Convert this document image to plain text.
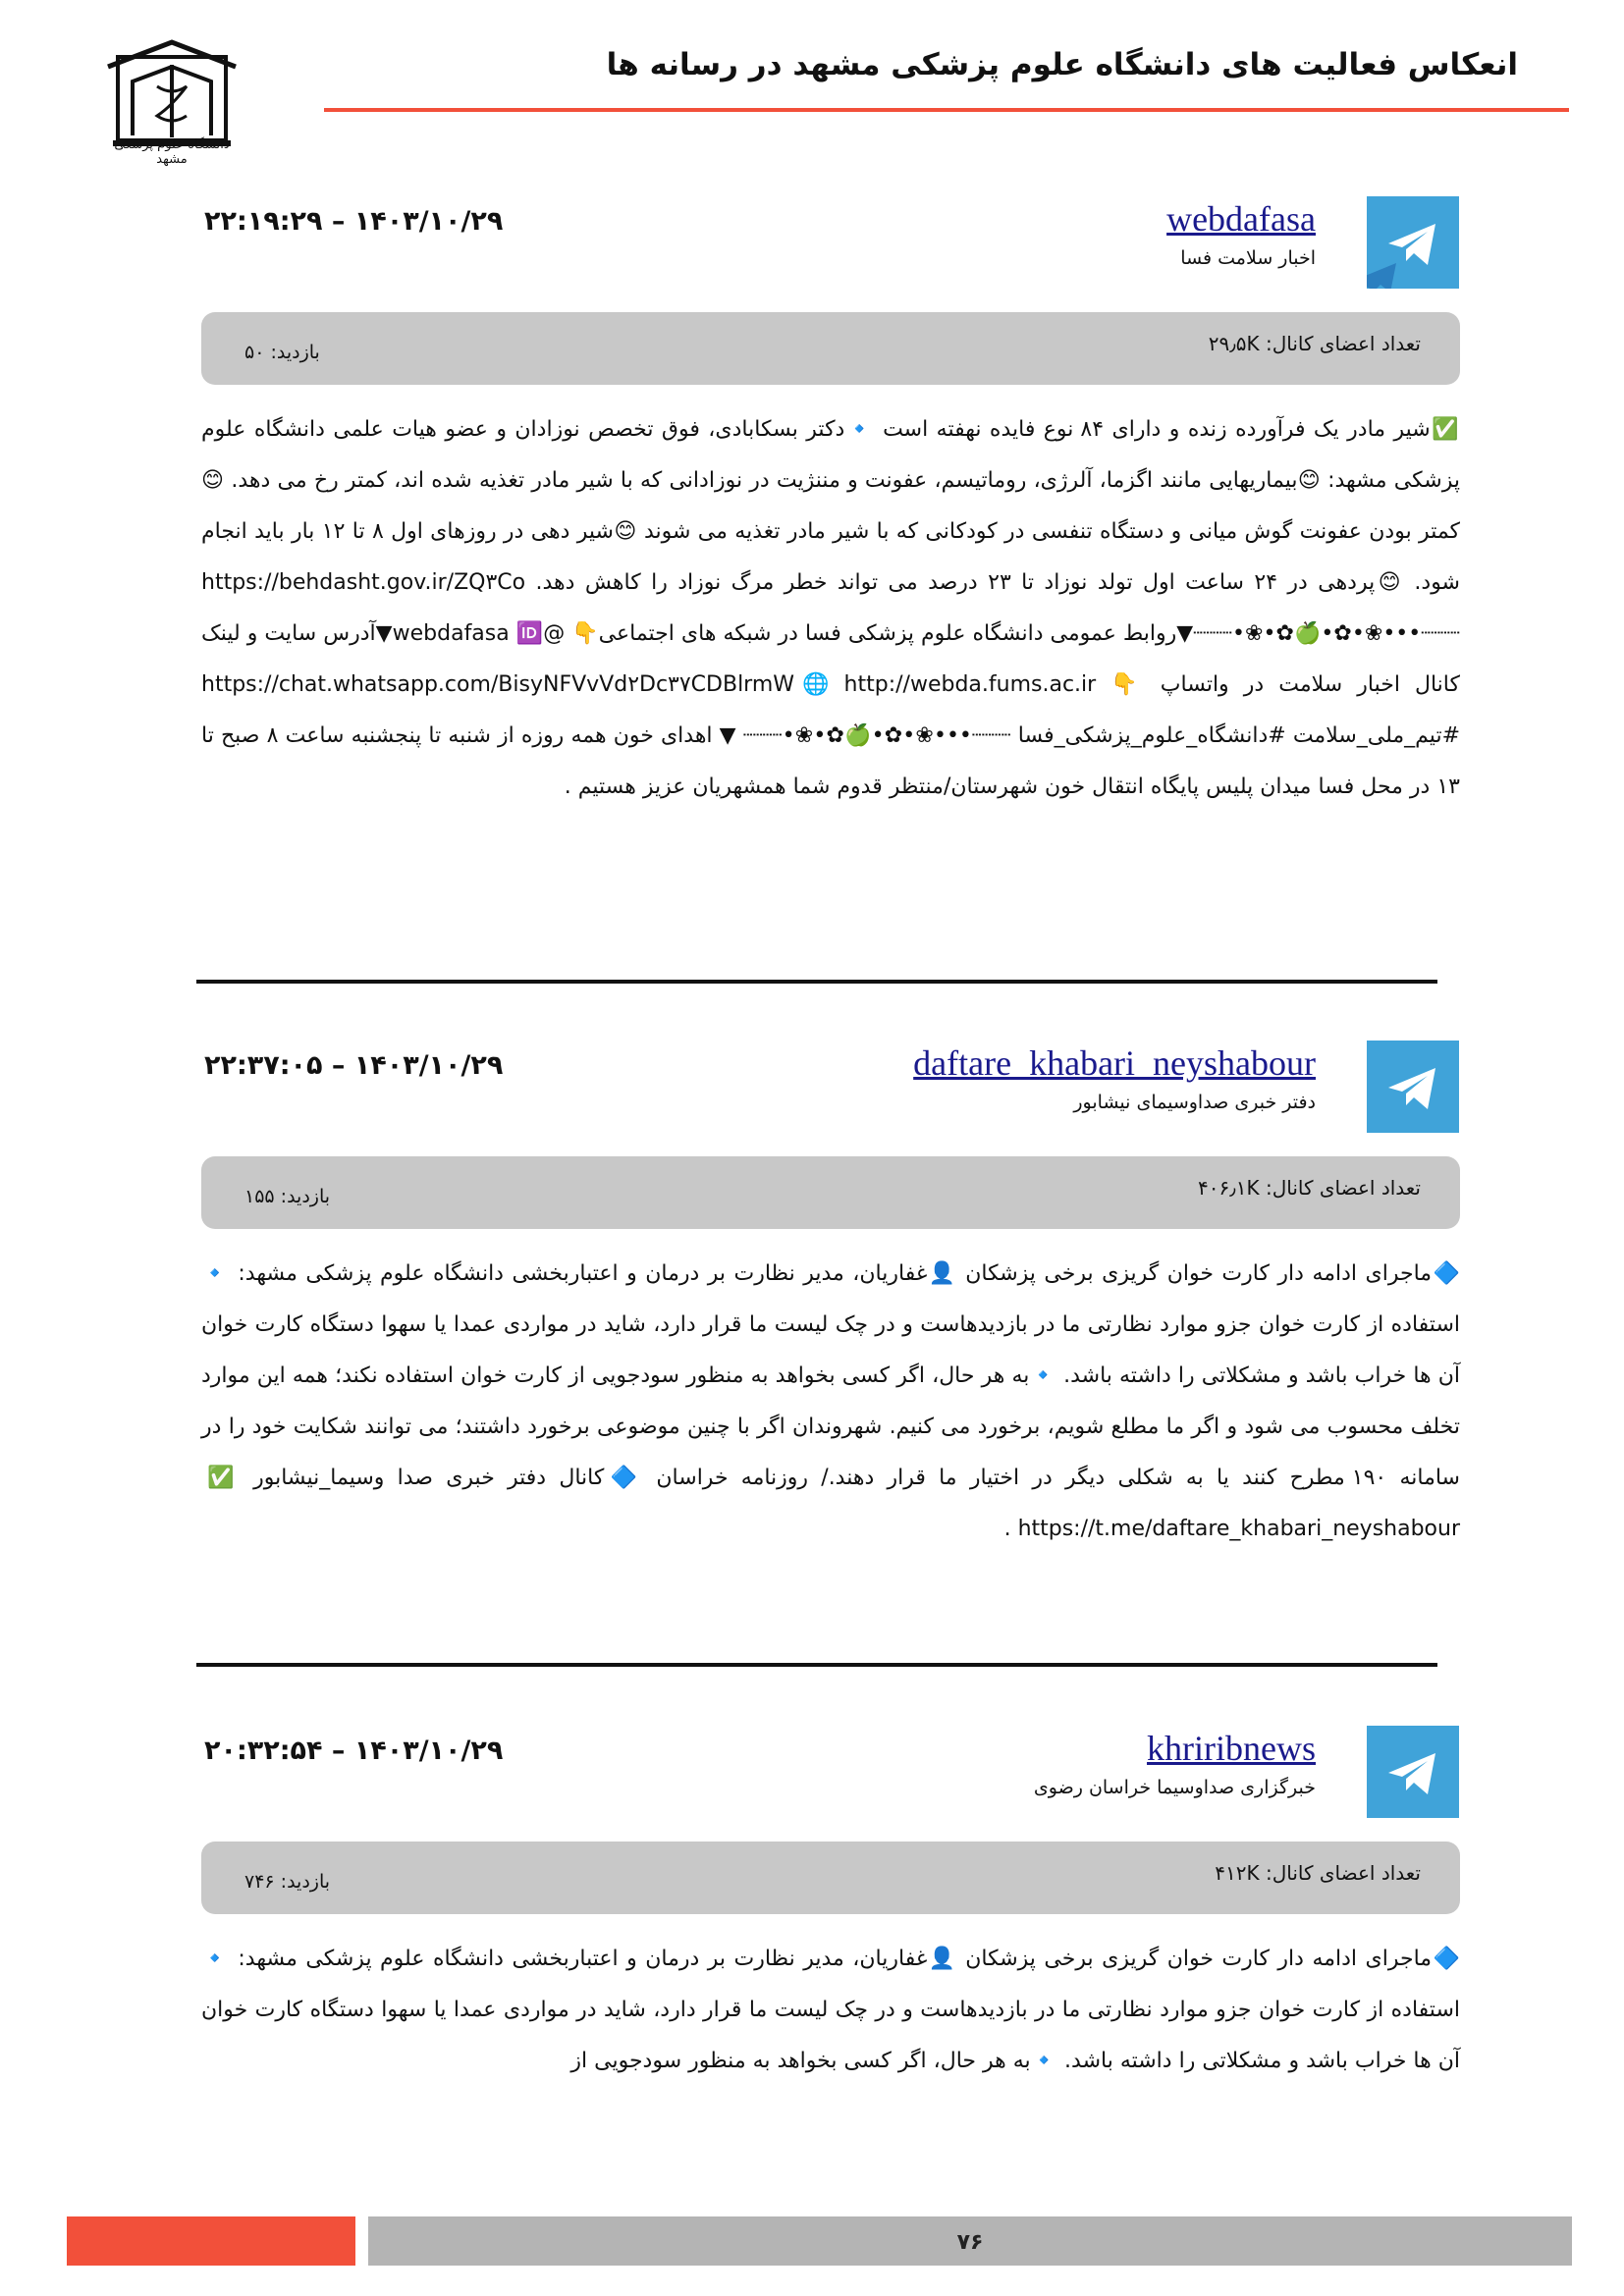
دانشگاه علوم پزشکی مشهد
انعکاس فعالیت های دانشگاه علوم پزشکی مشهد در رسانه ها
webdafasa
اخبار سلامت فسا
۲۲:۱۹:۲۹ – ۱۴۰۳/۱۰/۲۹
تعداد اعضای کانال: ۲۹٫۵K
بازدید: ۵۰
✅شیر مادر یک فرآورده زنده و دارای ۸۴ نوع فایده نهفته است 🔹دکتر بسکابادی، فوق تخصص نوزادان و عضو هیات علمی دانشگاه علوم پزشکی مشهد: 😊بیماریهایی مانند اگزما، آلرژی، روماتیسم، عفونت و مننژیت در نوزادانی که با شیر مادر تغذیه شده اند، کمتر رخ می دهد. 😊کمتر بودن عفونت گوش میانی و دستگاه تنفسی در کودکانی که با شیر مادر تغذیه می شوند 😊شیر دهی در روزهای اول ۸ تا ۱۲ بار باید انجام شود. 😊پردهی در ۲۴ ساعت اول تولد نوزاد تا ۲۳ درصد می تواند خطر مرگ نوزاد را کاهش دهد. https://behdasht.gov.ir/ZQ۳Co ┈┈┈•••❀•✿•🍏✿•❀•┈┈┈▼روابط عمومی دانشگاه علوم پزشکی فسا در شبکه های اجتماعی👇 @webdafasa 🆔▼آدرس سایت و لینک کانال اخبار سلامت در واتساپ 👇 https://chat.whatsapp.com/BisyNFVvVd۲Dc۳۷CDBlrmW🌐 http://webda.fums.ac.ir #تیم_ملی_سلامت #دانشگاه_علوم_پزشکی_فسا ┈┈┈•••❀•✿•🍏✿•❀•┈┈┈ ▼ اهدای خون همه روزه از شنبه تا پنجشنبه ساعت ۸ صبح تا ۱۳ در محل فسا میدان پلیس پایگاه انتقال خون شهرستان/منتظر قدوم شما همشهریان عزیز هستیم .
daftare_khabari_neyshabour
دفتر خبری صداوسیمای نیشابور
۲۲:۳۷:۰۵ – ۱۴۰۳/۱۰/۲۹
تعداد اعضای کانال: ۴۰۶٫۱K
بازدید: ۱۵۵
🔷ماجرای ادامه دار کارت خوان گریزی برخی پزشکان 👤غفاریان، مدیر نظارت بر درمان و اعتباربخشی دانشگاه علوم پزشکی مشهد: 🔹 استفاده از کارت خوان جزو موارد نظارتی ما در بازدیدهاست و در چک لیست ما قرار دارد، شاید در مواردی عمدا یا سهوا دستگاه کارت خوان آن ها خراب باشد و مشکلاتی را داشته باشد. 🔹به هر حال، اگر کسی بخواهد به منظور سودجویی از کارت خوان استفاده نکند؛ همه این موارد تخلف محسوب می شود و اگر ما مطلع شویم، برخورد می کنیم. شهروندان اگر با چنین موضوعی برخورد داشتند؛ می توانند شکایت خود را در سامانه ۱۹۰ مطرح کنند یا به شکلی دیگر در اختیار ما قرار دهند./ روزنامه خراسان 🔷کانال دفتر خبری صدا وسیما_نیشابور ✅ https://t.me/daftare_khabari_neyshabour .
khriribnews
خبرگزاری صداوسیما خراسان رضوی
۲۰:۳۲:۵۴ – ۱۴۰۳/۱۰/۲۹
تعداد اعضای کانال: ۴۱۲K
بازدید: ۷۴۶
🔷ماجرای ادامه دار کارت خوان گریزی برخی پزشکان 👤غفاریان، مدیر نظارت بر درمان و اعتباربخشی دانشگاه علوم پزشکی مشهد: 🔹 استفاده از کارت خوان جزو موارد نظارتی ما در بازدیدهاست و در چک لیست ما قرار دارد، شاید در مواردی عمدا یا سهوا دستگاه کارت خوان آن ها خراب باشد و مشکلاتی را داشته باشد. 🔹به هر حال، اگر کسی بخواهد به منظور سودجویی از
۷۶
